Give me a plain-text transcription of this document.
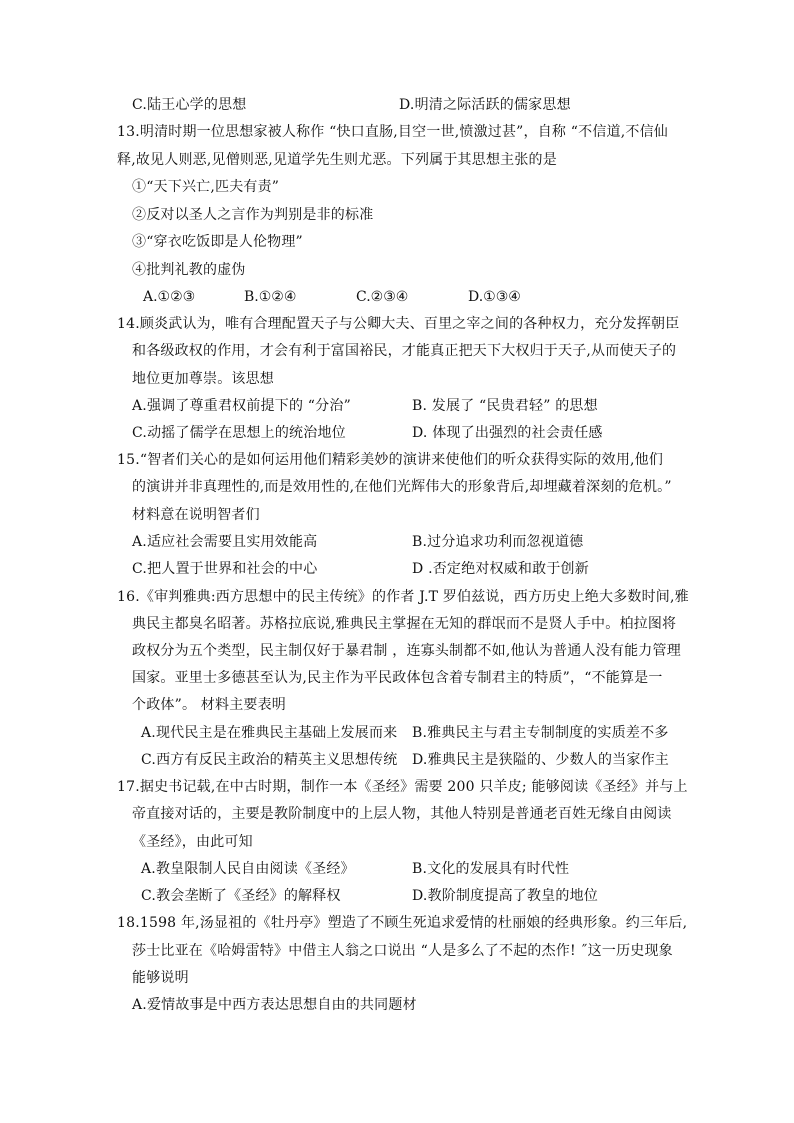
C.陆王心学的思想	D.明清之际活跃的儒家思想
13.明清时期一位思想家被人称作 “快口直肠,目空一世,愤激过甚”，自称 “不信道,不信仙
释,故见人则恶,见僧则恶,见道学先生则尤恶。下列属于其思想主张的是
①“天下兴亡,匹夫有责”
②反对以圣人之言作为判别是非的标准
③“穿衣吃饭即是人伦物理”
④批判礼教的虚伪
A.①②③	B.①②④	C.②③④	D.①③④
14.顾炎武认为，唯有合理配置天子与公卿大夫、百里之宰之间的各种权力，充分发挥朝臣
和各级政权的作用，才会有利于富国裕民，才能真正把天下大权归于天子,从而使天子的
地位更加尊崇。该思想
A.强调了尊重君权前提下的 “分治”	B. 发展了 “民贵君轻” 的思想
C.动摇了儒学在思想上的统治地位	D. 体现了出强烈的社会责任感
15.“智者们关心的是如何运用他们精彩美妙的演讲来使他们的听众获得实际的效用,他们
的演讲并非真理性的,而是效用性的,在他们光辉伟大的形象背后,却埋藏着深刻的危机。”
材料意在说明智者们
A.适应社会需要且实用效能高	B.过分追求功利而忽视道德
C.把人置于世界和社会的中心	D .否定绝对权威和敢于创新
16.《审判雅典:西方思想中的民主传统》的作者 J.T 罗伯兹说，西方历史上绝大多数时间,雅
典民主都臭名昭著。苏格拉底说,雅典民主掌握在无知的群氓而不是贤人手中。柏拉图将
政权分为五个类型，民主制仅好于暴君制 ，连寡头制都不如,他认为普通人没有能力管理
国家。亚里士多德甚至认为,民主作为平民政体包含着专制君主的特质”，“不能算是一
个政体”。 材料主要表明
A.现代民主是在雅典民主基础上发展而来 B.雅典民主与君主专制制度的实质差不多
C.西方有反民主政治的精英主义思想传统 D.雅典民主是狭隘的、少数人的当家作主
17.据史书记载,在中古时期，制作一本《圣经》需要 200 只羊皮; 能够阅读《圣经》并与上
帝直接对话的，主要是教阶制度中的上层人物，其他人特别是普通老百姓无缘自由阅读
《圣经》，由此可知
A.教皇限制人民自由阅读《圣经》	B.文化的发展具有时代性
C.教会垄断了《圣经》的解释权	D.教阶制度提高了教皇的地位
18.1598 年,汤显祖的《牡丹亭》塑造了不顾生死追求爱情的杜丽娘的经典形象。约三年后,
莎士比亚在《哈姆雷特》中借主人翁之口说出 “人是多么了不起的杰作! ˝这一历史现象
能够说明
A.爱情故事是中西方表达思想自由的共同题材
